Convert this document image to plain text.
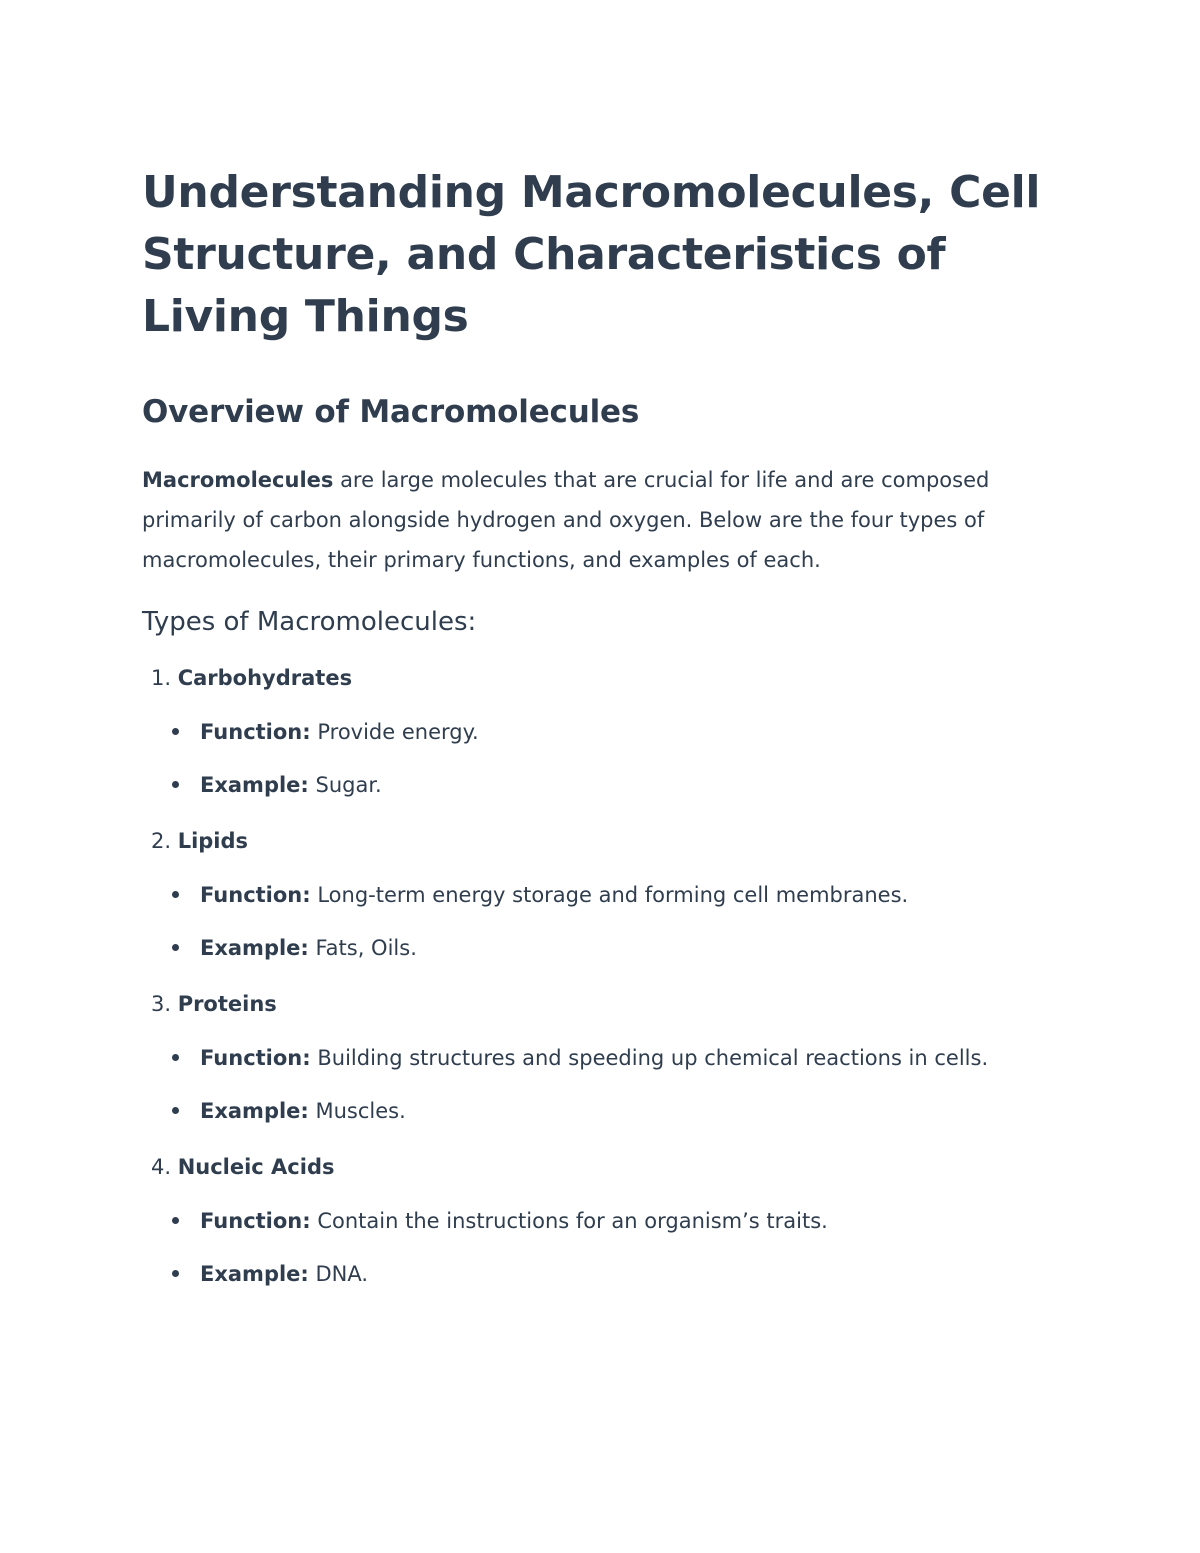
Understanding Macromolecules, Cell Structure, and Characteristics of Living Things
Overview of Macromolecules

Macromolecules are large molecules that are crucial for life and are composed primarily of carbon alongside hydrogen and oxygen. Below are the four types of macromolecules, their primary functions, and examples of each.

Types of Macromolecules:
1. Carbohydrates
Function: Provide energy.
Example: Sugar.
2. Lipids
Function: Long-term energy storage and forming cell membranes.
Example: Fats, Oils.
3. Proteins
Function: Building structures and speeding up chemical reactions in cells.
Example: Muscles.
4. Nucleic Acids
Function: Contain the instructions for an organism’s traits.
Example: DNA.
